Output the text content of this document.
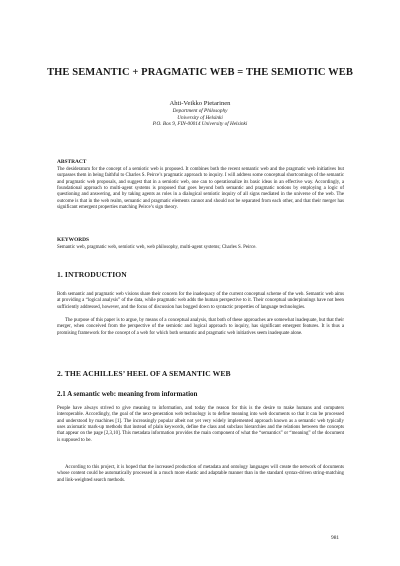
THE SEMANTIC + PRAGMATIC WEB = THE SEMIOTIC WEB
Ahti-Veikko Pietarinen
Department of Philosophy
University of Helsinki
P.O. Box 9, FIN-00014 University of Helsinki
ABSTRACT

The desideratum for the concept of a semiotic web is proposed. It combines both the recent semantic web and the pragmatic web initiatives but surpasses them in being faithful to Charles S. Peirce’s pragmatic approach to inquiry. I will address some conceptual shortcomings of the semantic and pragmatic web proposals, and suggest that in a semiotic web, one can to operationalize its basic ideas in an effective way. Accordingly, a foundational approach to multi-agent systems is proposed that goes beyond both semantic and pragmatic notions by employing a logic of questioning and answering, and by taking agents as roles in a dialogical semiotic inquiry of all signs mediated in the universe of the web. The outcome is that in the web realm, semantic and pragmatic elements cannot and should not be separated from each other, and that their merger has significant emergent properties matching Peirce’s sign theory.

KEYWORDS

Semantic web, pragmatic web, semiotic web, web philosophy, multi-agent systems; Charles S. Peirce.

1. INTRODUCTION

Both semantic and pragmatic web visions share their concern for the inadequacy of the current conceptual scheme of the web. Semantic web aims at providing a “logical analysis” of the data, while pragmatic web adds the human perspective to it. Their conceptual underpinnings have not been sufficiently addressed, however, and the focus of discussion has bogged down to syntactic properties of language technologies.

The purpose of this paper is to argue, by means of a conceptual analysis, that both of these approaches are somewhat inadequate, but that their merger, when conceived from the perspective of the semiotic and logical approach to inquiry, has significant emergent features. It is thus a promising framework for the concept of a web for which both semantic and pragmatic web initiatives seem inadequate alone.

2. THE ACHILLES’ HEEL OF A SEMANTIC WEB
2.1 A semantic web: meaning from information

People have always strived to give meaning to information, and today the reason for this is the desire to make humans and computers interoperable. Accordingly, the goal of the next-generation web technology is to define meaning into web documents so that it can be processed and understood by machines [1]. The increasingly popular albeit not yet very widely implemented approach known as a semantic web typically uses axiomatic mark-up methods that instead of plain keywords, define the class and subclass hierarchies and the relations between the concepts that appear on the page [2,3,10]. This metadata information provides the main component of what the “semantics” or “meaning” of the document is supposed to be.

According to this project, it is hoped that the increased production of metadata and ontology languages will create the network of documents whose content could be automatically processed in a much more elastic and adaptable manner than in the standard syntax-driven string-matching and link-weighted search methods.

981
